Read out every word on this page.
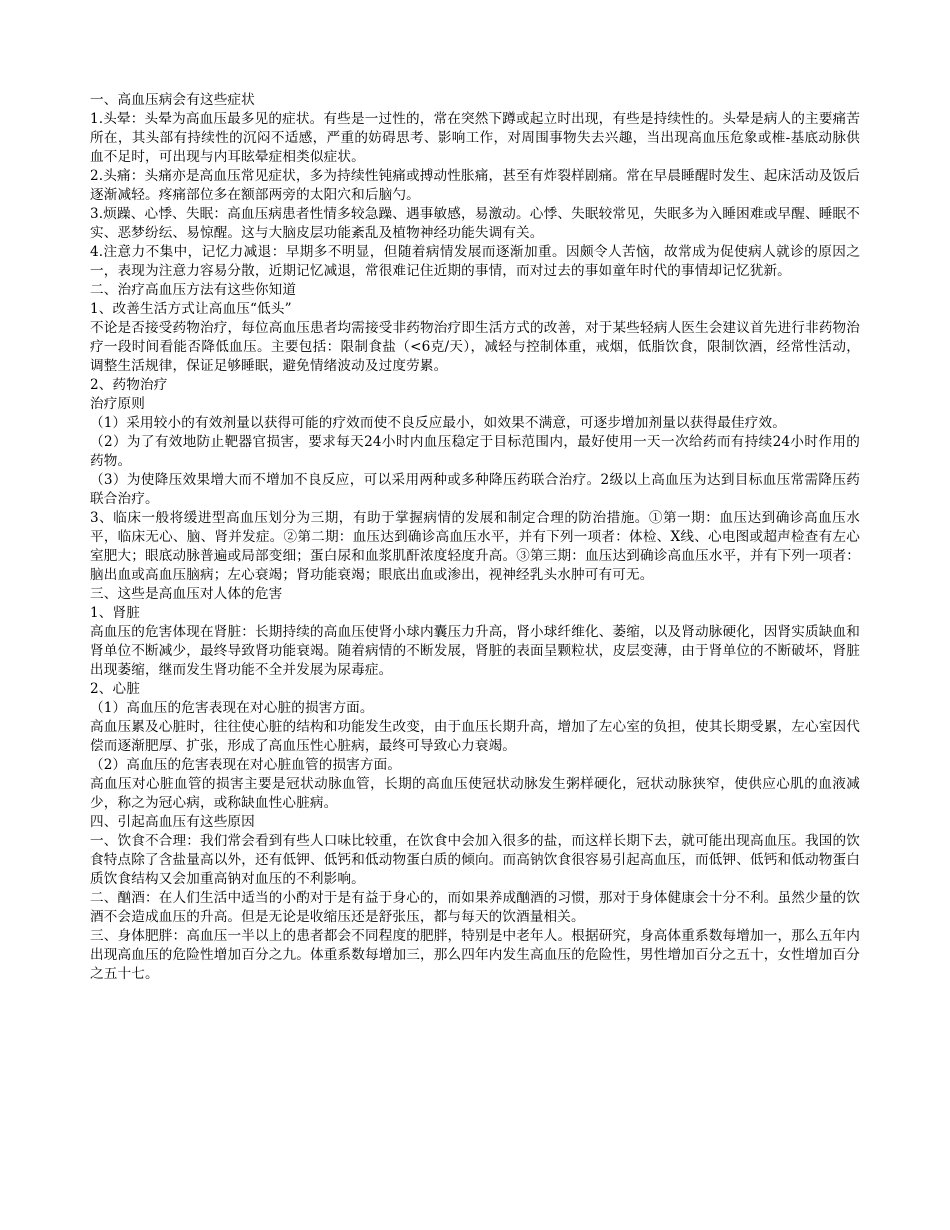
一、高血压病会有这些症状

1.头晕：头晕为高血压最多见的症状。有些是一过性的，常在突然下蹲或起立时出现，有些是持续性的。头晕是病人的主要痛苦所在，其头部有持续性的沉闷不适感，严重的妨碍思考、影响工作，对周围事物失去兴趣，当出现高血压危象或椎-基底动脉供血不足时，可出现与内耳眩晕症相类似症状。

2.头痛：头痛亦是高血压常见症状，多为持续性钝痛或搏动性胀痛，甚至有炸裂样剧痛。常在早晨睡醒时发生、起床活动及饭后逐渐减轻。疼痛部位多在额部两旁的太阳穴和后脑勺。

3.烦躁、心悸、失眠：高血压病患者性情多较急躁、遇事敏感，易激动。心悸、失眠较常见，失眠多为入睡困难或早醒、睡眠不实、恶梦纷纭、易惊醒。这与大脑皮层功能紊乱及植物神经功能失调有关。

4.注意力不集中，记忆力减退：早期多不明显，但随着病情发展而逐渐加重。因颇令人苦恼，故常成为促使病人就诊的原因之一，表现为注意力容易分散，近期记忆减退，常很难记住近期的事情，而对过去的事如童年时代的事情却记忆犹新。

二、治疗高血压方法有这些你知道

1、改善生活方式让高血压“低头”

不论是否接受药物治疗，每位高血压患者均需接受非药物治疗即生活方式的改善，对于某些轻病人医生会建议首先进行非药物治疗一段时间看能否降低血压。主要包括：限制食盐（<6克/天），减轻与控制体重，戒烟，低脂饮食，限制饮酒，经常性活动，调整生活规律，保证足够睡眠，避免情绪波动及过度劳累。

2、药物治疗

治疗原则

（1）采用较小的有效剂量以获得可能的疗效而使不良反应最小，如效果不满意，可逐步增加剂量以获得最佳疗效。

（2）为了有效地防止靶器官损害，要求每天24小时内血压稳定于目标范围内，最好使用一天一次给药而有持续24小时作用的药物。

（3）为使降压效果增大而不增加不良反应，可以采用两种或多种降压药联合治疗。2级以上高血压为达到目标血压常需降压药联合治疗。

3、临床一般将缓进型高血压划分为三期，有助于掌握病情的发展和制定合理的防治措施。①第一期：血压达到确诊高血压水平，临床无心、脑、肾并发症。②第二期：血压达到确诊高血压水平，并有下列一项者：体检、X线、心电图或超声检查有左心室肥大；眼底动脉普遍或局部变细；蛋白尿和血浆肌酐浓度轻度升高。③第三期：血压达到确诊高血压水平，并有下列一项者：脑出血或高血压脑病；左心衰竭；肾功能衰竭；眼底出血或渗出，视神经乳头水肿可有可无。

三、这些是高血压对人体的危害

1、肾脏

高血压的危害体现在肾脏：长期持续的高血压使肾小球内囊压力升高，肾小球纤维化、萎缩，以及肾动脉硬化，因肾实质缺血和肾单位不断减少，最终导致肾功能衰竭。随着病情的不断发展，肾脏的表面呈颗粒状，皮层变薄，由于肾单位的不断破坏，肾脏出现萎缩，继而发生肾功能不全并发展为尿毒症。

2、心脏

（1）高血压的危害表现在对心脏的损害方面。

高血压累及心脏时，往往使心脏的结构和功能发生改变，由于血压长期升高，增加了左心室的负担，使其长期受累，左心室因代偿而逐渐肥厚、扩张，形成了高血压性心脏病，最终可导致心力衰竭。

（2）高血压的危害表现在对心脏血管的损害方面。

高血压对心脏血管的损害主要是冠状动脉血管，长期的高血压使冠状动脉发生粥样硬化，冠状动脉狭窄，使供应心肌的血液减少，称之为冠心病，或称缺血性心脏病。

四、引起高血压有这些原因

一、饮食不合理：我们常会看到有些人口味比较重，在饮食中会加入很多的盐，而这样长期下去，就可能出现高血压。我国的饮食特点除了含盐量高以外，还有低钾、低钙和低动物蛋白质的倾向。而高钠饮食很容易引起高血压，而低钾、低钙和低动物蛋白质饮食结构又会加重高钠对血压的不利影响。

二、酗酒：在人们生活中适当的小酌对于是有益于身心的，而如果养成酗酒的习惯，那对于身体健康会十分不利。虽然少量的饮酒不会造成血压的升高。但是无论是收缩压还是舒张压，都与每天的饮酒量相关。

三、身体肥胖：高血压一半以上的患者都会不同程度的肥胖，特别是中老年人。根据研究，身高体重系数每增加一，那么五年内出现高血压的危险性增加百分之九。体重系数每增加三，那么四年内发生高血压的危险性，男性增加百分之五十，女性增加百分之五十七。
